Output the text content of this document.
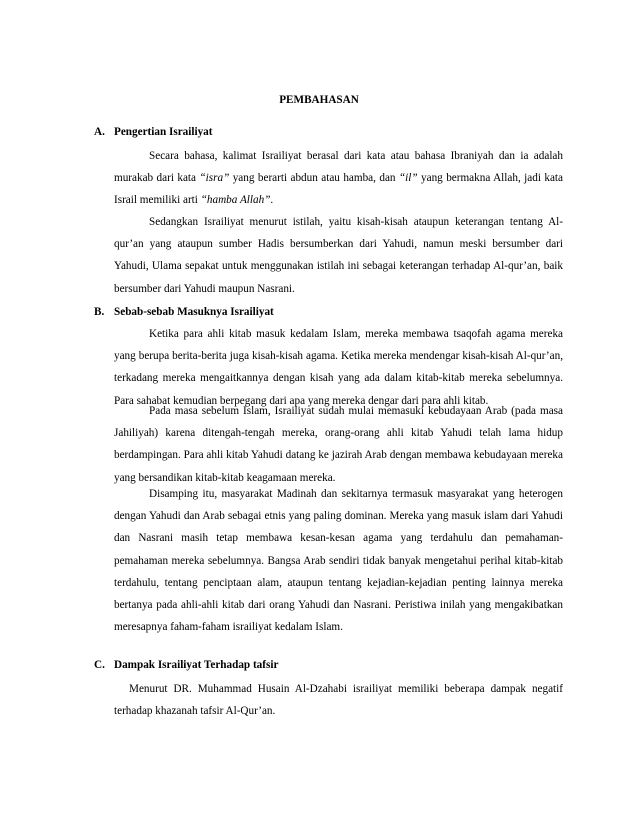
PEMBAHASAN
A. Pengertian Israiliyat

Secara bahasa, kalimat Israiliyat berasal dari kata atau bahasa Ibraniyah dan ia adalah murakab dari kata “isra” yang berarti abdun atau hamba, dan “il” yang bermakna Allah, jadi kata Israil memiliki arti “hamba Allah”.

Sedangkan Israiliyat menurut istilah, yaitu kisah-kisah ataupun keterangan tentang Al-qur’an yang ataupun sumber Hadis bersumberkan dari Yahudi, namun meski bersumber dari Yahudi, Ulama sepakat untuk menggunakan istilah ini sebagai keterangan terhadap Al-qur’an, baik bersumber dari Yahudi maupun Nasrani.

B. Sebab-sebab Masuknya Israiliyat

Ketika para ahli kitab masuk kedalam Islam, mereka membawa tsaqofah agama mereka yang berupa berita-berita juga kisah-kisah agama. Ketika mereka mendengar kisah-kisah Al-qur’an, terkadang mereka mengaitkannya dengan kisah yang ada dalam kitab-kitab mereka sebelumnya. Para sahabat kemudian berpegang dari apa yang mereka dengar dari para ahli kitab.

Pada masa sebelum Islam, Israiliyat sudah mulai memasuki kebudayaan Arab (pada masa Jahiliyah) karena ditengah-tengah mereka, orang-orang ahli kitab Yahudi telah lama hidup berdampingan. Para ahli kitab Yahudi datang ke jazirah Arab dengan membawa kebudayaan mereka yang bersandikan kitab-kitab keagamaan mereka.

Disamping itu, masyarakat Madinah dan sekitarnya termasuk masyarakat yang heterogen dengan Yahudi dan Arab sebagai etnis yang paling dominan. Mereka yang masuk islam dari Yahudi dan Nasrani masih tetap membawa kesan-kesan agama yang terdahulu dan pemahaman-pemahaman mereka sebelumnya. Bangsa Arab sendiri tidak banyak mengetahui perihal kitab-kitab terdahulu, tentang penciptaan alam, ataupun tentang kejadian-kejadian penting lainnya mereka bertanya pada ahli-ahli kitab dari orang Yahudi dan Nasrani. Peristiwa inilah yang mengakibatkan meresapnya faham-faham israiliyat kedalam Islam.

C. Dampak Israiliyat Terhadap tafsir

Menurut DR. Muhammad Husain Al-Dzahabi israiliyat memiliki beberapa dampak negatif terhadap khazanah tafsir Al-Qur’an.
